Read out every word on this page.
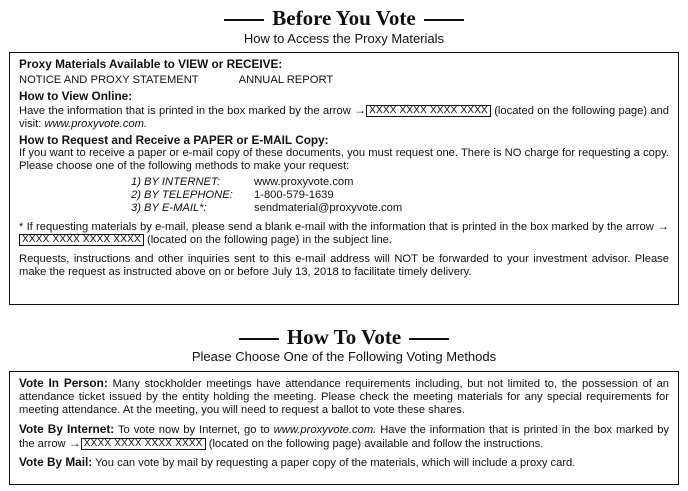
Before You Vote
How to Access the Proxy Materials

Proxy Materials Available to VIEW or RECEIVE:

NOTICE AND PROXY STATEMENT	ANNUAL REPORT

How to View Online:

Have the information that is printed in the box marked by the arrow → XXXX XXXX XXXX XXXX (located on the following page) and visit: www.proxyvote.com.

How to Request and Receive a PAPER or E-MAIL Copy:

If you want to receive a paper or e-mail copy of these documents, you must request one. There is NO charge for requesting a copy. Please choose one of the following methods to make your request:

1) BY INTERNET:	www.proxyvote.com
2) BY TELEPHONE:	1-800-579-1639
3) BY E-MAIL*:	sendmaterial@proxyvote.com

* If requesting materials by e-mail, please send a blank e-mail with the information that is printed in the box marked by the arrow →XXXX XXXX XXXX XXXX (located on the following page) in the subject line.

Requests, instructions and other inquiries sent to this e-mail address will NOT be forwarded to your investment advisor. Please make the request as instructed above on or before July 13, 2018 to facilitate timely delivery.

How To Vote
Please Choose One of the Following Voting Methods

Vote In Person: Many stockholder meetings have attendance requirements including, but not limited to, the possession of an attendance ticket issued by the entity holding the meeting. Please check the meeting materials for any special requirements for meeting attendance. At the meeting, you will need to request a ballot to vote these shares.

Vote By Internet: To vote now by Internet, go to www.proxyvote.com. Have the information that is printed in the box marked by the arrow → XXXX XXXX XXXX XXXX (located on the following page) available and follow the instructions.

Vote By Mail: You can vote by mail by requesting a paper copy of the materials, which will include a proxy card.
